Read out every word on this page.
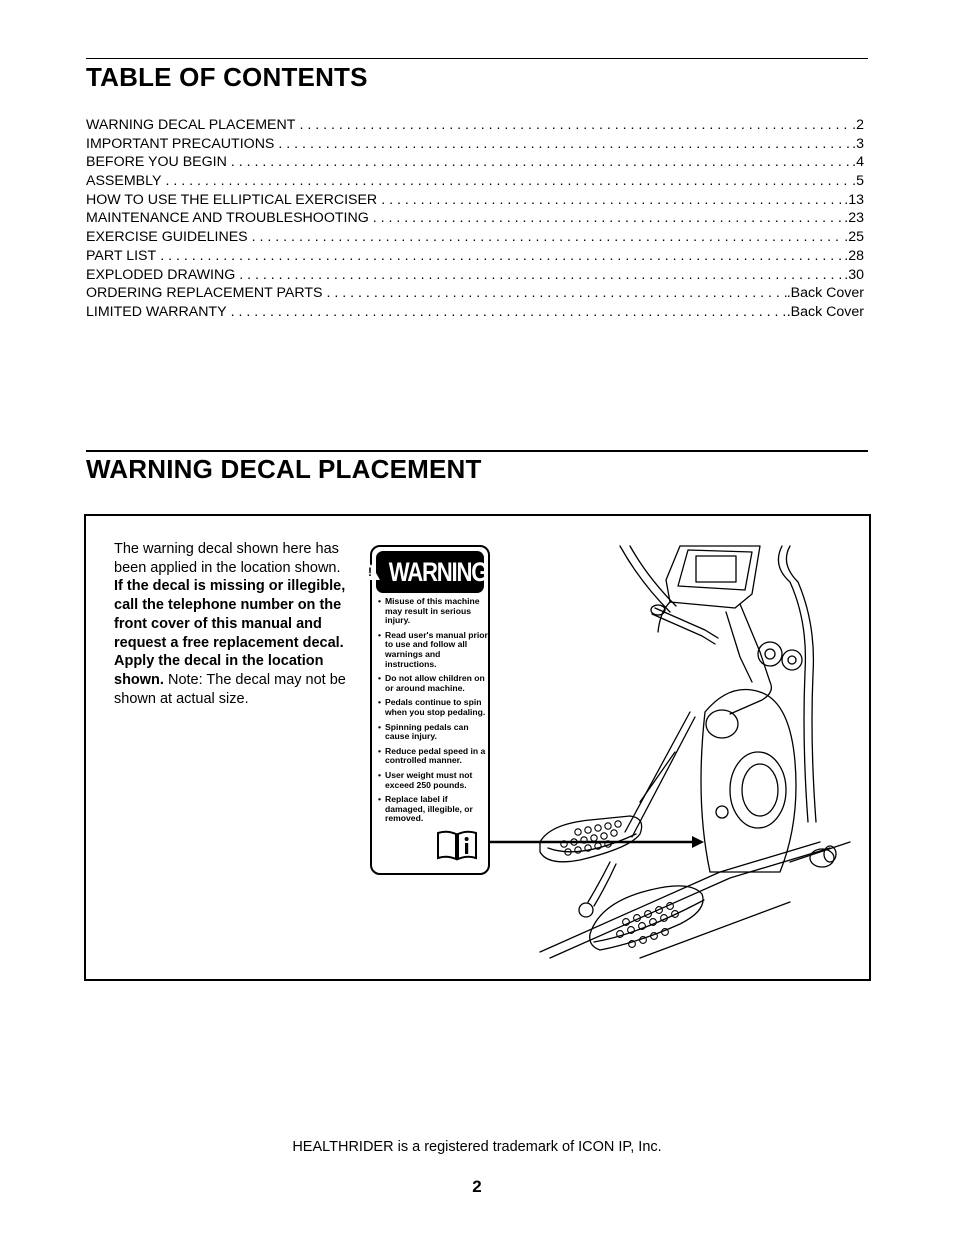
TABLE OF CONTENTS
WARNING DECAL PLACEMENT . . .	.2
IMPORTANT PRECAUTIONS . . .	.3
BEFORE YOU BEGIN . . .	.4
ASSEMBLY . . .	.5
HOW TO USE THE ELLIPTICAL EXERCISER . . .	.13
MAINTENANCE AND TROUBLESHOOTING . . .	.23
EXERCISE GUIDELINES . . .	.25
PART LIST . . .	.28
EXPLODED DRAWING . . .	.30
ORDERING REPLACEMENT PARTS . . .	.Back Cover
LIMITED WARRANTY . . .	.Back Cover
WARNING DECAL PLACEMENT
The warning decal shown here has been applied in the location shown. If the decal is missing or illegible, call the telephone number on the front cover of this manual and request a free replacement decal. Apply the decal in the location shown. Note: The decal may not be shown at actual size.
!
WARNING
• Misuse of this machine may result in serious injury.
• Read user's manual prior to use and follow all warnings and instructions.
• Do not allow children on or around machine.
• Pedals continue to spin when you stop pedaling.
• Spinning pedals can cause injury.
• Reduce pedal speed in a controlled manner.
• User weight must not exceed 250 pounds.
• Replace label if damaged, illegible, or removed.
HEALTHRIDER is a registered trademark of ICON IP, Inc.
2
